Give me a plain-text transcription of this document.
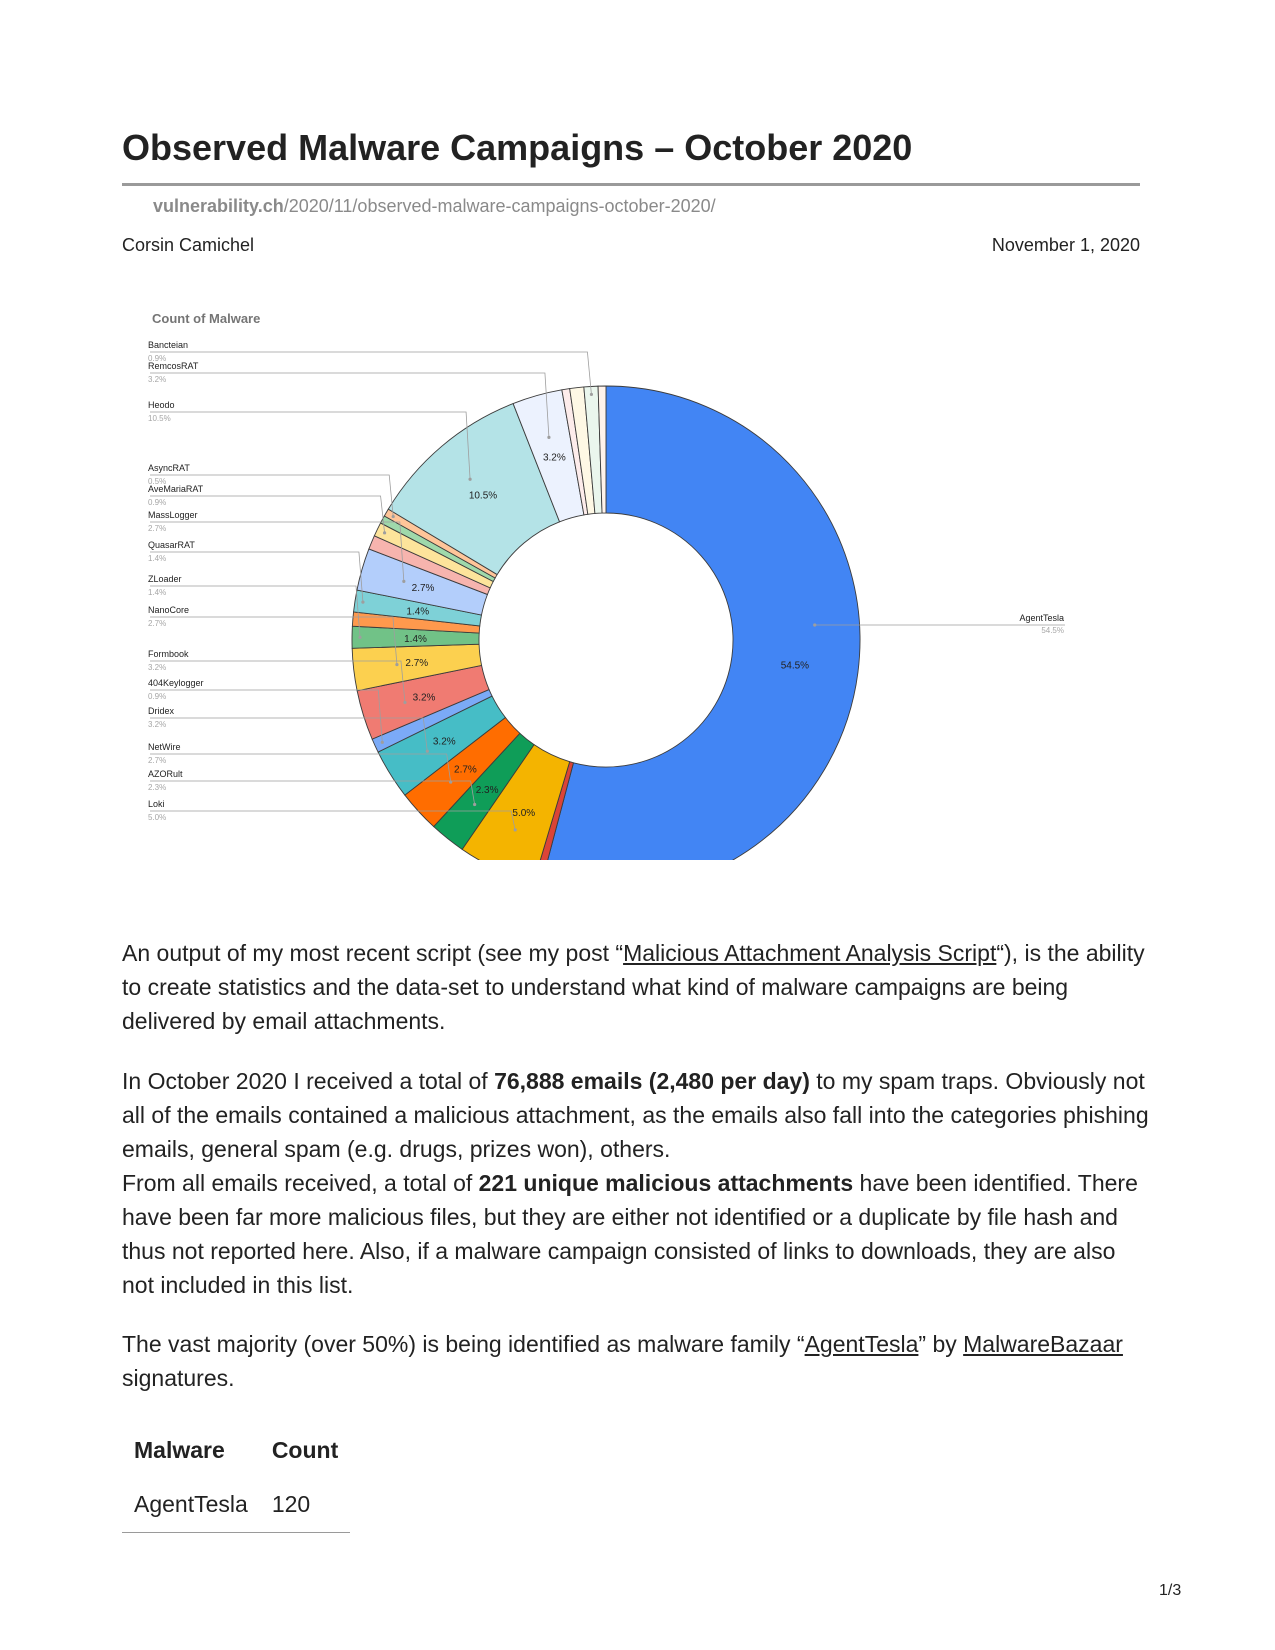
Observed Malware Campaigns – October 2020
vulnerability.ch/2020/11/observed-malware-campaigns-october-2020/
Corsin Camichel	November 1, 2020
Count of Malware
54.5%
5.0%
2.3%
2.7%
3.2%
3.2%
2.7%
1.4%
1.4%
2.7%
10.5%
3.2%
AgentTesla
54.5%
Loki
5.0%
AZORult
2.3%
NetWire
2.7%
Dridex
3.2%
404Keylogger
0.9%
Formbook
3.2%
NanoCore
2.7%
ZLoader
1.4%
QuasarRAT
1.4%
MassLogger
2.7%
AveMariaRAT
0.9%
AsyncRAT
0.5%
Heodo
10.5%
RemcosRAT
3.2%
Bancteian
0.9%

An output of my most recent script (see my post “Malicious Attachment Analysis Script“), is the ability to create statistics and the data-set to understand what kind of malware campaigns are being delivered by email attachments.

In October 2020 I received a total of 76,888 emails (2,480 per day) to my spam traps. Obviously not all of the emails contained a malicious attachment, as the emails also fall into the categories phishing emails, general spam (e.g. drugs, prizes won), others.
From all emails received, a total of 221 unique malicious attachments have been identified. There have been far more malicious files, but they are either not identified or a duplicate by file hash and thus not reported here. Also, if a malware campaign consisted of links to downloads, they are also not included in this list.

The vast majority (over 50%) is being identified as malware family “AgentTesla” by MalwareBazaar signatures.

Malware	Count
AgentTesla	120
1/3
